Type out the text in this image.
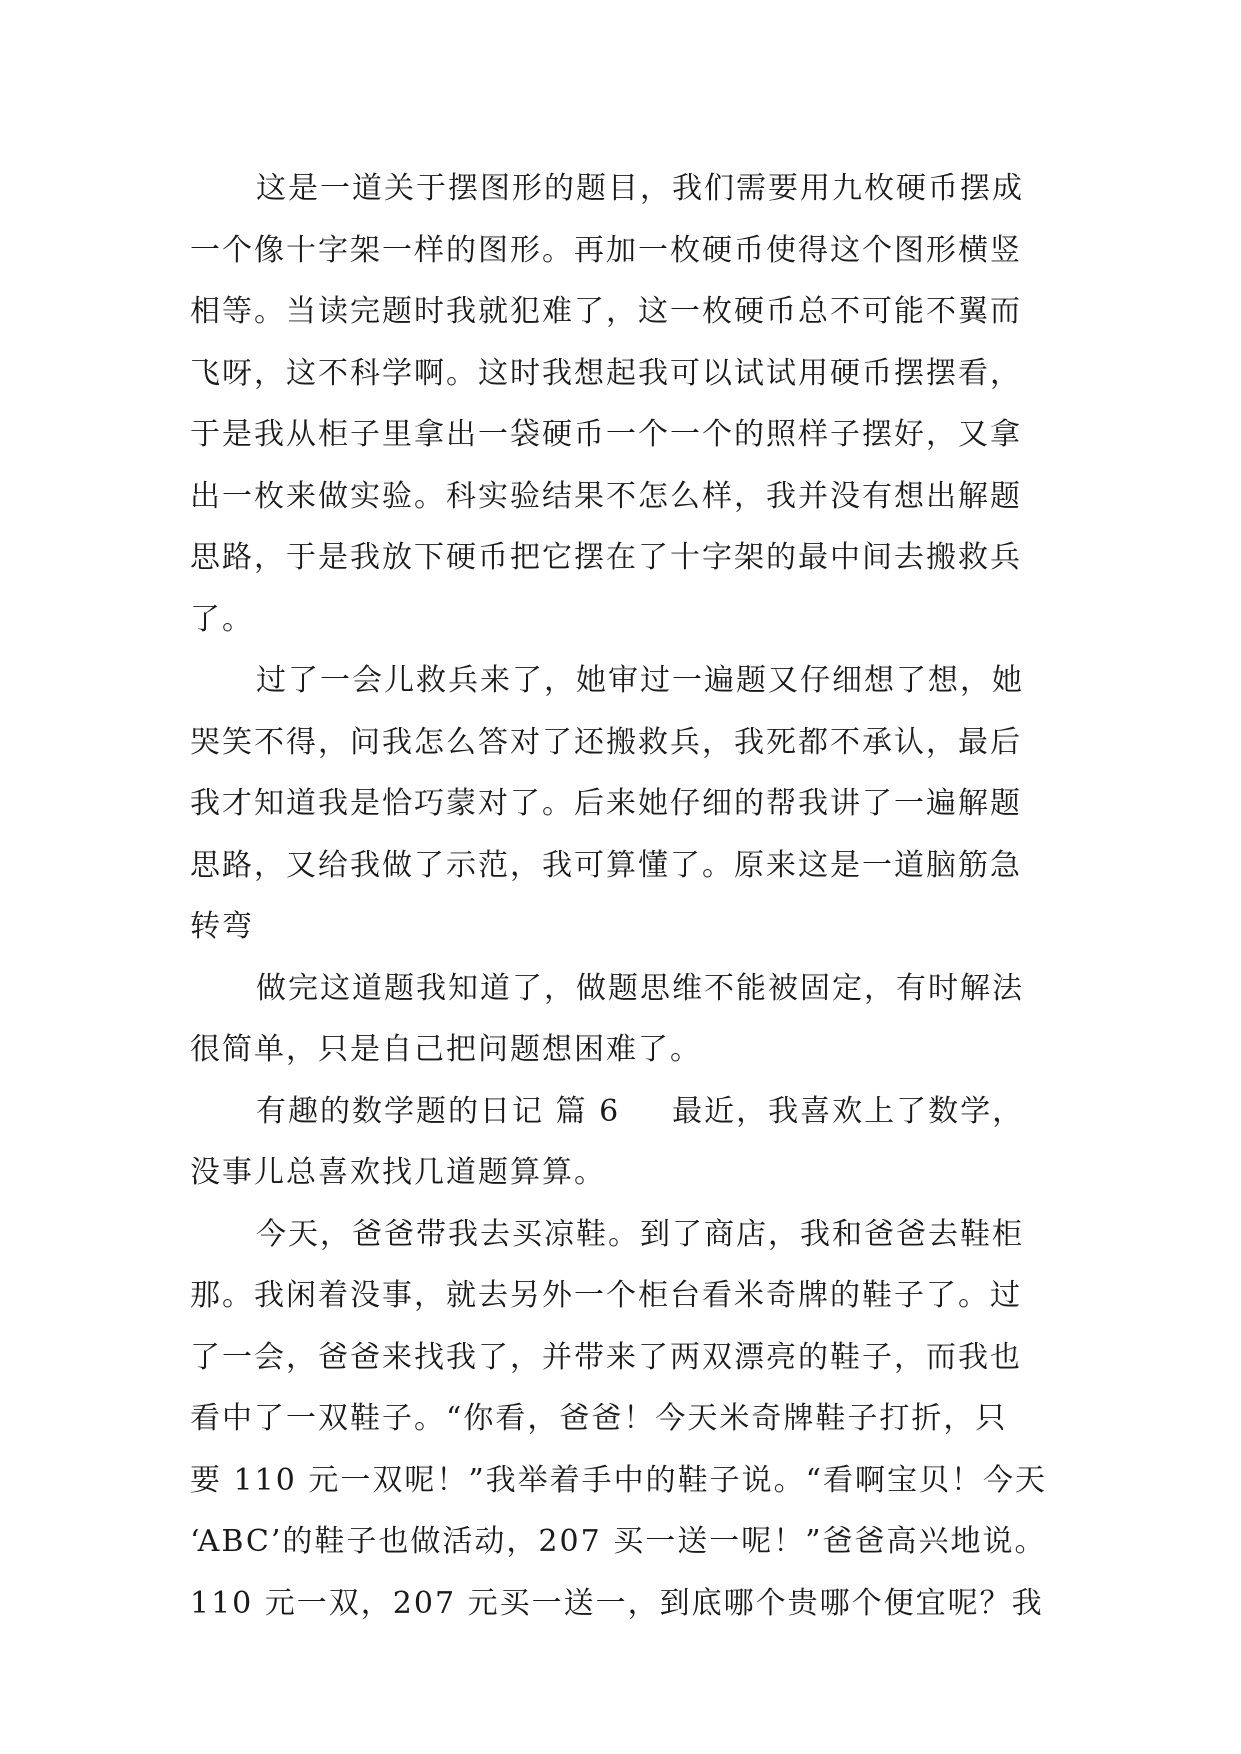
这是一道关于摆图形的题目，我们需要用九枚硬币摆成
一个像十字架一样的图形。再加一枚硬币使得这个图形横竖
相等。当读完题时我就犯难了，这一枚硬币总不可能不翼而
飞呀，这不科学啊。这时我想起我可以试试用硬币摆摆看，
于是我从柜子里拿出一袋硬币一个一个的照样子摆好，又拿
出一枚来做实验。科实验结果不怎么样，我并没有想出解题
思路，于是我放下硬币把它摆在了十字架的最中间去搬救兵
了。
过了一会儿救兵来了，她审过一遍题又仔细想了想，她
哭笑不得，问我怎么答对了还搬救兵，我死都不承认，最后
我才知道我是恰巧蒙对了。后来她仔细的帮我讲了一遍解题
思路，又给我做了示范，我可算懂了。原来这是一道脑筋急
转弯
做完这道题我知道了，做题思维不能被固定，有时解法
很简单，只是自己把问题想困难了。
有趣的数学题的日记 篇 6 最近，我喜欢上了数学，
没事儿总喜欢找几道题算算。
今天，爸爸带我去买凉鞋。到了商店，我和爸爸去鞋柜
那。我闲着没事，就去另外一个柜台看米奇牌的鞋子了。过
了一会，爸爸来找我了，并带来了两双漂亮的鞋子，而我也
看中了一双鞋子。“你看，爸爸！今天米奇牌鞋子打折，只
要 110 元一双呢！”我举着手中的鞋子说。“看啊宝贝！今天
‘ABC’的鞋子也做活动，207 买一送一呢！”爸爸高兴地说。
110 元一双，207 元买一送一，到底哪个贵哪个便宜呢？我
